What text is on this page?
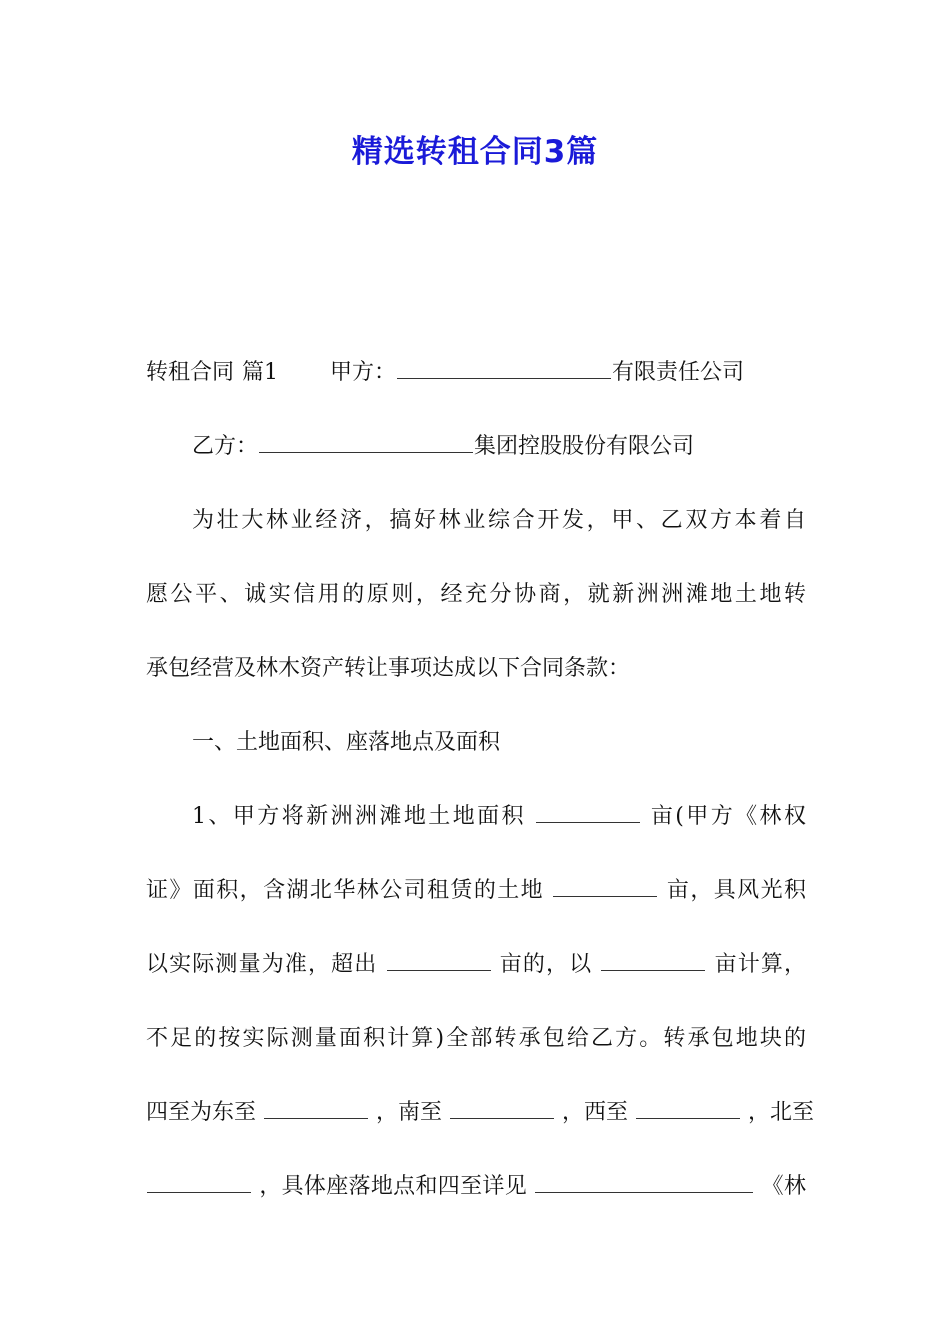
精选转租合同3篇
转租合同 篇1 甲方：	有限责任公司
乙方：	集团控股股份有限公司
为壮大林业经济，搞好林业综合开发，甲、乙双方本着自
愿公平、诚实信用的原则，经充分协商，就新洲洲滩地土地转
承包经营及林木资产转让事项达成以下合同条款：
一、土地面积、座落地点及面积
1、甲方将新洲洲滩地土地面积	亩(甲方《林权
证》面积，含湖北华林公司租赁的土地	亩，具风光积
以实际测量为准，超出	亩的，以	亩计算，
不足的按实际测量面积计算)全部转承包给乙方。转承包地块的
四至为东至	，南至	，西至	，北至
，具体座落地点和四至详见	《林
